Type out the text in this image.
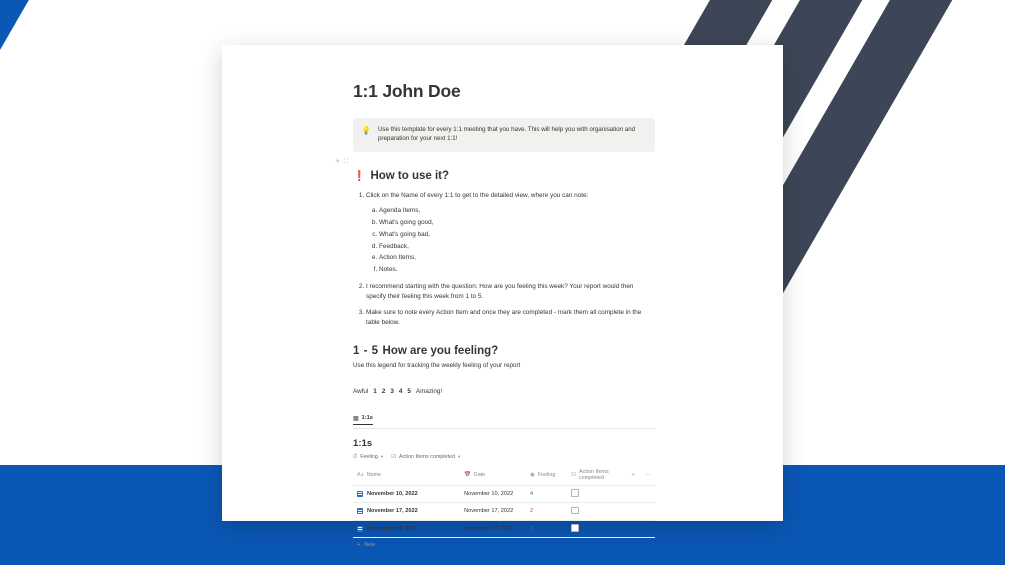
+ ∷
1:1 John Doe
💡 Use this template for every 1:1 meeting that you have. This will help you with organisation and preparation for your next 1:1!
❗ How to use it?
1. Click on the Name of every 1:1 to get to the detailed view, where you can note:
a. Agenda Items,
b. What's going good,
c. What's going bad,
d. Feedback,
e. Action Items,
f. Notes.
2. I recommend starting with the question: How are you feeling this week? Your report would then specify their feeling this week from 1 to 5.
3. Make sure to note every Action Item and once they are completed - mark them all complete in the table below.
1 - 5 How are you feeling?
Use this legend for tracking the weekly feeling of your report
Awful 1 2 3 4 5 Amazing!
▦ 1:1s
1:1s
⏱ Feeling ▾ ☑ Action Items completed ▾
A z Name	📅 Date	◉ Feeling	☑ Action Items completed	+	···

November 10, 2022	November 10, 2022	4			

November 17, 2022	November 17, 2022	2			

November 24, 2022	November 24, 2022	3			
+ New
